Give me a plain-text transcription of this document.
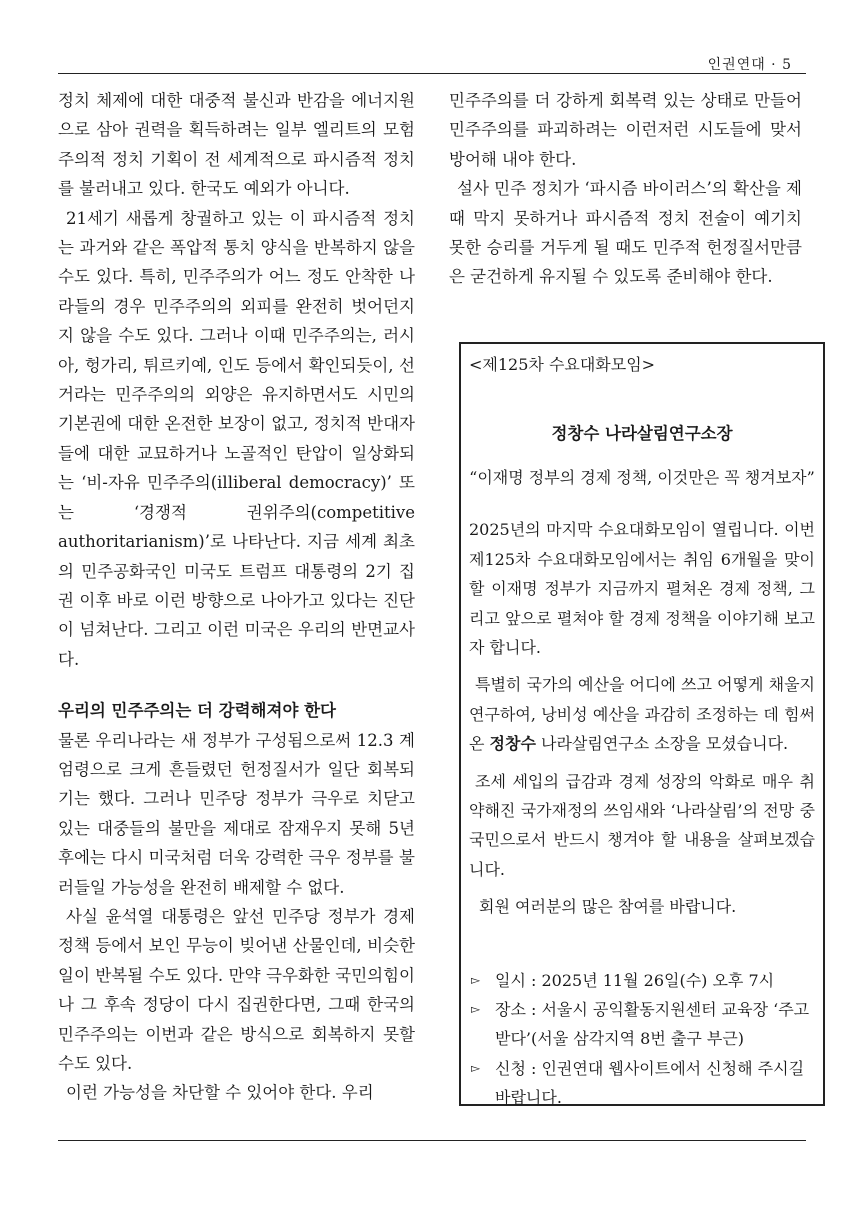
인권연대 · 5

정치 체제에 대한 대중적 불신과 반감을 에너지원으로 삼아 권력을 획득하려는 일부 엘리트의 모험주의적 정치 기획이 전 세계적으로 파시즘적 정치를 불러내고 있다. 한국도 예외가 아니다.

21세기 새롭게 창궐하고 있는 이 파시즘적 정치는 과거와 같은 폭압적 통치 양식을 반복하지 않을 수도 있다. 특히, 민주주의가 어느 정도 안착한 나라들의 경우 민주주의의 외피를 완전히 벗어던지지 않을 수도 있다. 그러나 이때 민주주의는, 러시아, 헝가리, 튀르키예, 인도 등에서 확인되듯이, 선거라는 민주주의의 외양은 유지하면서도 시민의 기본권에 대한 온전한 보장이 없고, 정치적 반대자들에 대한 교묘하거나 노골적인 탄압이 일상화되는 ‘비-자유 민주주의(illiberal democracy)’ 또는 ‘경쟁적 권위주의(competitive authoritarianism)’로 나타난다. 지금 세계 최초의 민주공화국인 미국도 트럼프 대통령의 2기 집권 이후 바로 이런 방향으로 나아가고 있다는 진단이 넘쳐난다. 그리고 이런 미국은 우리의 반면교사다.

우리의 민주주의는 더 강력해져야 한다

물론 우리나라는 새 정부가 구성됨으로써 12.3 계엄령으로 크게 흔들렸던 헌정질서가 일단 회복되기는 했다. 그러나 민주당 정부가 극우로 치닫고 있는 대중들의 불만을 제대로 잠재우지 못해 5년 후에는 다시 미국처럼 더욱 강력한 극우 정부를 불러들일 가능성을 완전히 배제할 수 없다.

사실 윤석열 대통령은 앞선 민주당 정부가 경제 정책 등에서 보인 무능이 빚어낸 산물인데, 비슷한 일이 반복될 수도 있다. 만약 극우화한 국민의힘이나 그 후속 정당이 다시 집권한다면, 그때 한국의 민주주의는 이번과 같은 방식으로 회복하지 못할 수도 있다.

이런 가능성을 차단할 수 있어야 한다. 우리

민주주의를 더 강하게 회복력 있는 상태로 만들어 민주주의를 파괴하려는 이런저런 시도들에 맞서 방어해 내야 한다.

설사 민주 정치가 ‘파시즘 바이러스’의 확산을 제때 막지 못하거나 파시즘적 정치 전술이 예기치 못한 승리를 거두게 될 때도 민주적 헌정질서만큼은 굳건하게 유지될 수 있도록 준비해야 한다.

<제125차 수요대화모임>

정창수 나라살림연구소장

“이재명 정부의 경제 정책, 이것만은 꼭 챙겨보자”

2025년의 마지막 수요대화모임이 열립니다. 이번 제125차 수요대화모임에서는 취임 6개월을 맞이할 이재명 정부가 지금까지 펼쳐온 경제 정책, 그리고 앞으로 펼쳐야 할 경제 정책을 이야기해 보고자 합니다.

특별히 국가의 예산을 어디에 쓰고 어떻게 채울지 연구하여, 낭비성 예산을 과감히 조정하는 데 힘써온 정창수 나라살림연구소 소장을 모셨습니다.

조세 세입의 급감과 경제 성장의 악화로 매우 취약해진 국가재정의 쓰임새와 ‘나라살림’의 전망 중 국민으로서 반드시 챙겨야 할 내용을 살펴보겠습니다.

회원 여러분의 많은 참여를 바랍니다.

▻ 일시 : 2025년 11월 26일(수) 오후 7시
▻ 장소 : 서울시 공익활동지원센터 교육장 ‘주고받다’(서울 삼각지역 8번 출구 부근)
▻ 신청 : 인권연대 웹사이트에서 신청해 주시길 바랍니다.
